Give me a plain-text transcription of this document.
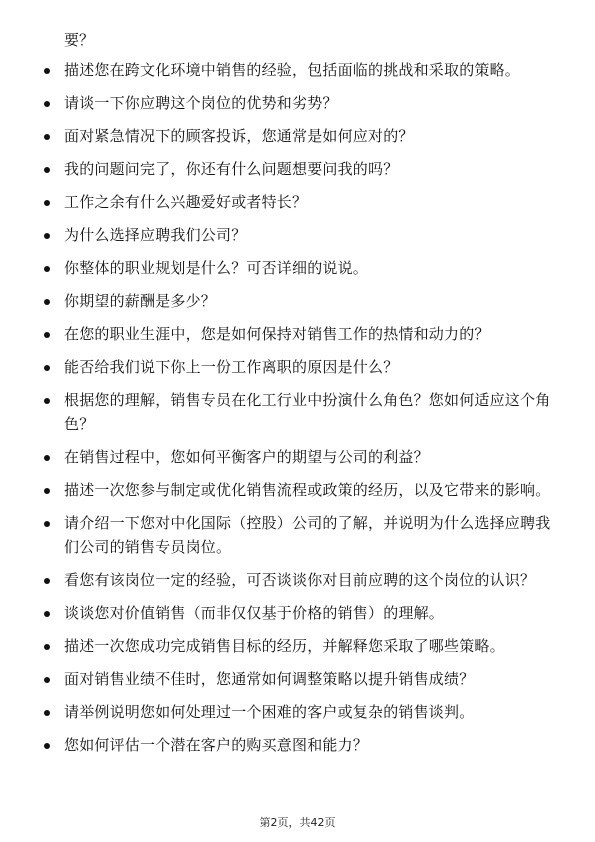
要？

描述您在跨文化环境中销售的经验，包括面临的挑战和采取的策略。
请谈一下你应聘这个岗位的优势和劣势？
面对紧急情况下的顾客投诉，您通常是如何应对的？
我的问题问完了，你还有什么问题想要问我的吗？
工作之余有什么兴趣爱好或者特长？
为什么选择应聘我们公司？
你整体的职业规划是什么？可否详细的说说。
你期望的薪酬是多少？
在您的职业生涯中，您是如何保持对销售工作的热情和动力的？
能否给我们说下你上一份工作离职的原因是什么？
根据您的理解，销售专员在化工行业中扮演什么角色？您如何适应这个角色？
在销售过程中，您如何平衡客户的期望与公司的利益？
描述一次您参与制定或优化销售流程或政策的经历，以及它带来的影响。
请介绍一下您对中化国际（控股）公司的了解，并说明为什么选择应聘我们公司的销售专员岗位。
看您有该岗位一定的经验，可否谈谈你对目前应聘的这个岗位的认识？
谈谈您对价值销售（而非仅仅基于价格的销售）的理解。
描述一次您成功完成销售目标的经历，并解释您采取了哪些策略。
面对销售业绩不佳时，您通常如何调整策略以提升销售成绩？
请举例说明您如何处理过一个困难的客户或复杂的销售谈判。
您如何评估一个潜在客户的购买意图和能力？
第2页，共42页
